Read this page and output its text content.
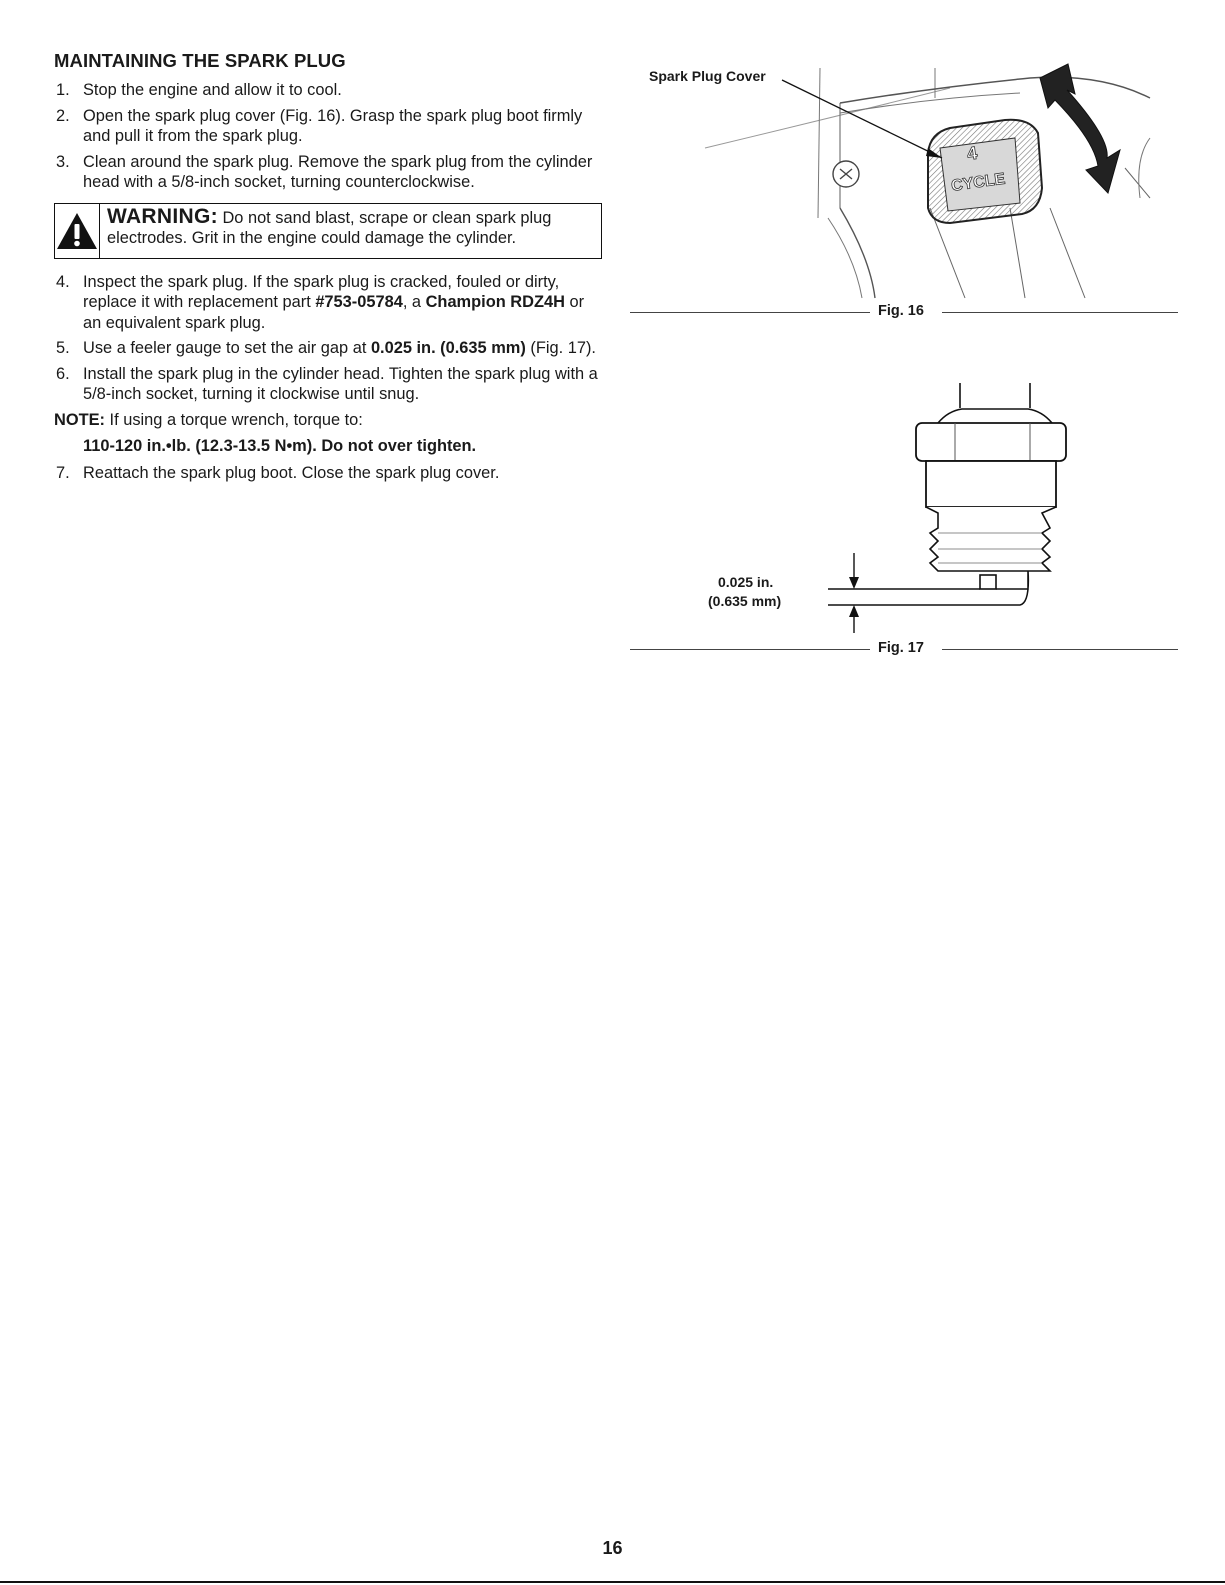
MAINTAINING THE SPARK PLUG
1. Stop the engine and allow it to cool.
2. Open the spark plug cover (Fig. 16). Grasp the spark plug boot firmly and pull it from the spark plug.
3. Clean around the spark plug. Remove the spark plug from the cylinder head with a 5/8-inch socket, turning counterclockwise.
WARNING: Do not sand blast, scrape or clean spark plug electrodes. Grit in the engine could damage the cylinder.
4. Inspect the spark plug. If the spark plug is cracked, fouled or dirty, replace it with replacement part #753-05784, a Champion RDZ4H or an equivalent spark plug.
5. Use a feeler gauge to set the air gap at 0.025 in. (0.635 mm) (Fig. 17).
6. Install the spark plug in the cylinder head. Tighten the spark plug with a 5/8-inch socket, turning it clockwise until snug.

NOTE: If using a torque wrench, torque to:

110-120 in.•lb. (12.3-13.5 N•m). Do not over tighten.

7. Reattach the spark plug boot. Close the spark plug cover.
4
CYCLE
Spark Plug Cover
Fig. 16
0.025 in.
(0.635 mm)
Fig. 17
16
